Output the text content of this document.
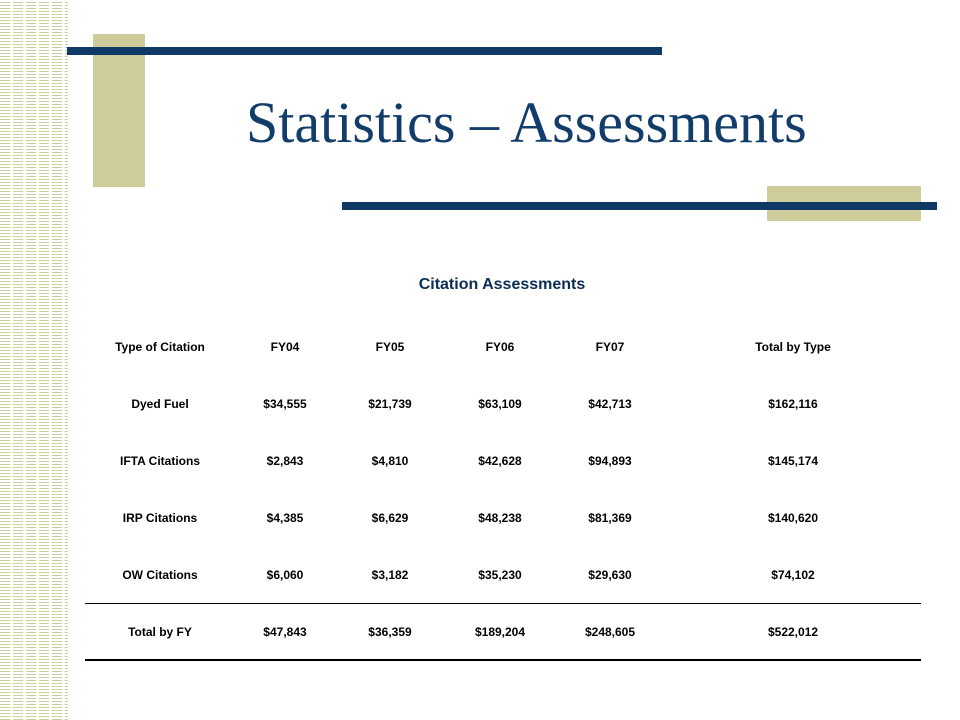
Statistics – Assessments
Citation Assessments
Type of Citation	FY04	FY05	FY06	FY07	Total by Type
Dyed Fuel	$34,555	$21,739	$63,109	$42,713	$162,116
IFTA Citations	$2,843	$4,810	$42,628	$94,893	$145,174
IRP Citations	$4,385	$6,629	$48,238	$81,369	$140,620
OW Citations	$6,060	$3,182	$35,230	$29,630	$74,102
Total by FY	$47,843	$36,359	$189,204	$248,605	$522,012
